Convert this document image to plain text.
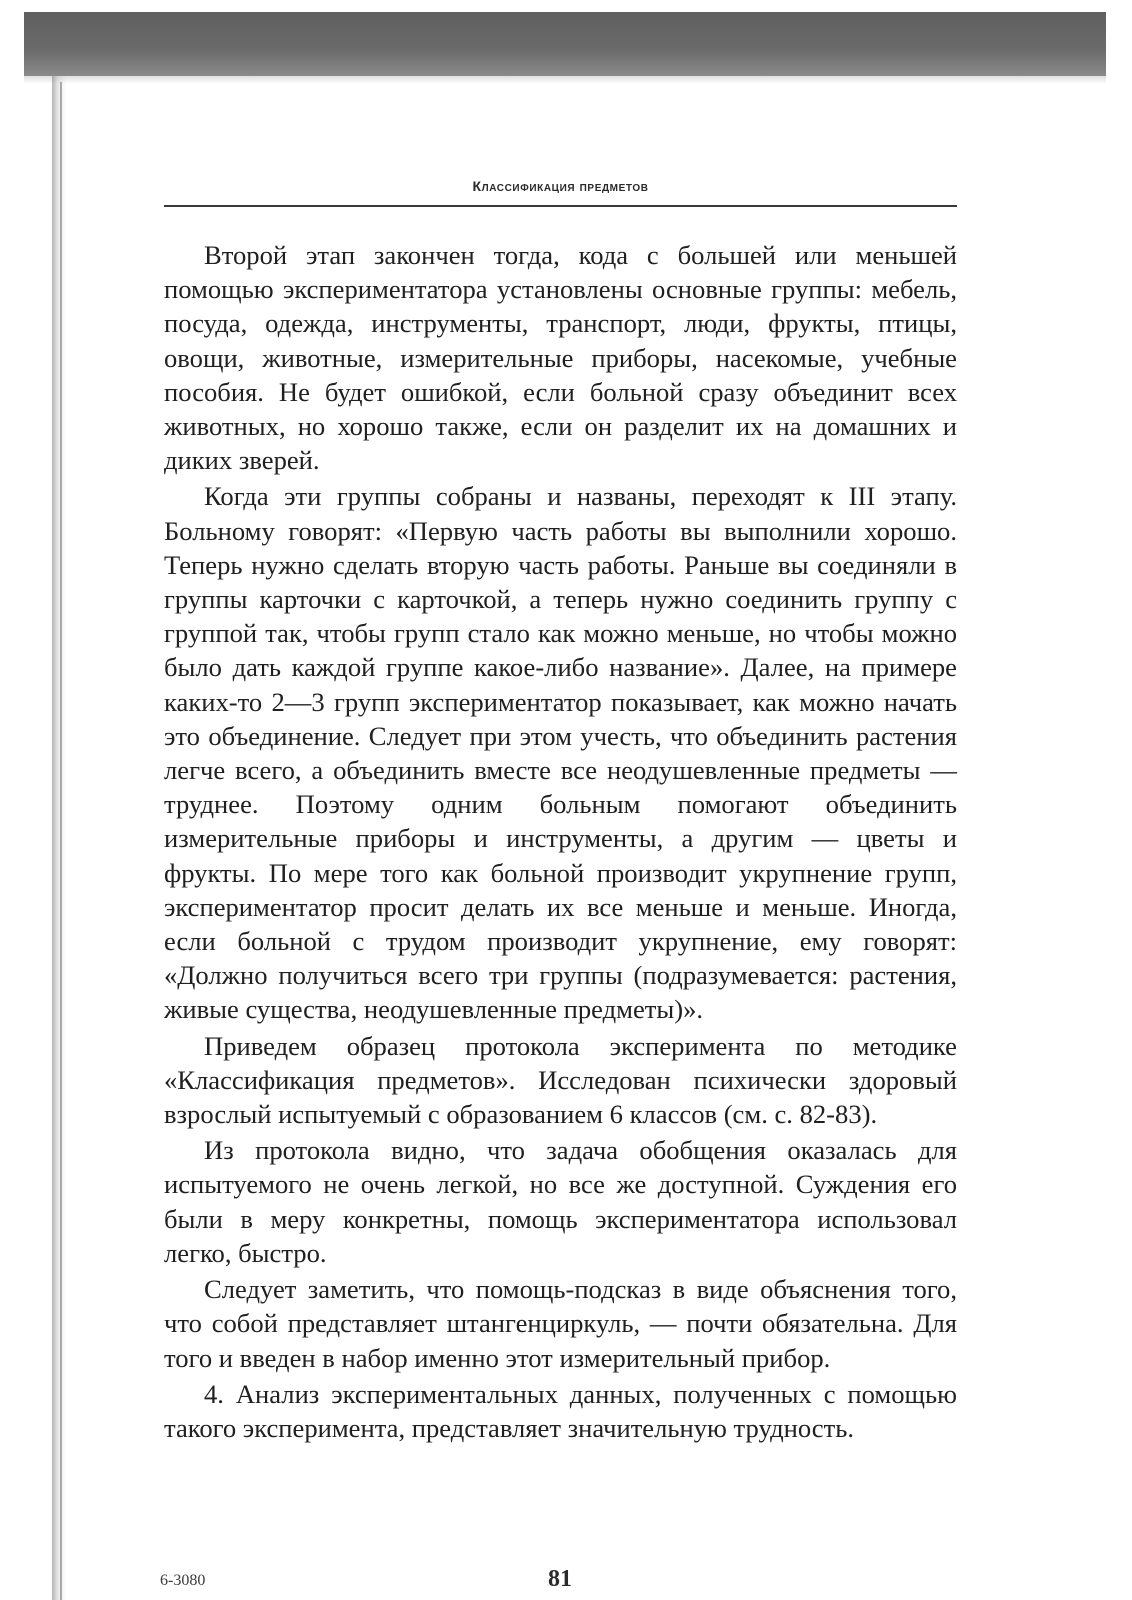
Классификация предметов

Второй этап закончен тогда, кода с большей или меньшей помощью экспериментатора установлены основные группы: мебель, посуда, одежда, инструменты, транспорт, люди, фрукты, птицы, овощи, животные, измерительные приборы, насекомые, учебные пособия. Не будет ошибкой, если больной сразу объединит всех животных, но хорошо также, если он разделит их на домашних и диких зверей.

Когда эти группы собраны и названы, переходят к III этапу. Больному говорят: «Первую часть работы вы выполнили хорошо. Теперь нужно сделать вторую часть работы. Раньше вы соединяли в группы карточки с карточкой, а теперь нужно соединить группу с группой так, чтобы групп стало как можно меньше, но чтобы можно было дать каждой группе какое-либо название». Далее, на примере каких-то 2—3 групп экспериментатор показывает, как можно начать это объединение. Следует при этом учесть, что объединить растения легче всего, а объединить вместе все неодушевленные предметы — труднее. Поэтому одним больным помогают объединить измерительные приборы и инструменты, а другим — цветы и фрукты. По мере того как больной производит укрупнение групп, экспериментатор просит делать их все меньше и меньше. Иногда, если больной с трудом производит укрупнение, ему говорят: «Должно получиться всего три группы (подразумевается: растения, живые существа, неодушевленные предметы)».

Приведем образец протокола эксперимента по методике «Классификация предметов». Исследован психически здоровый взрослый испытуемый с образованием 6 классов (см. с. 82-83).

Из протокола видно, что задача обобщения оказалась для испытуемого не очень легкой, но все же доступной. Суждения его были в меру конкретны, помощь экспериментатора использовал легко, быстро.

Следует заметить, что помощь-подсказ в виде объяснения того, что собой представляет штангенциркуль, — почти обязательна. Для того и введен в набор именно этот измерительный прибор.

4. Анализ экспериментальных данных, полученных с помощью такого эксперимента, представляет значительную трудность.

6-3080	81
